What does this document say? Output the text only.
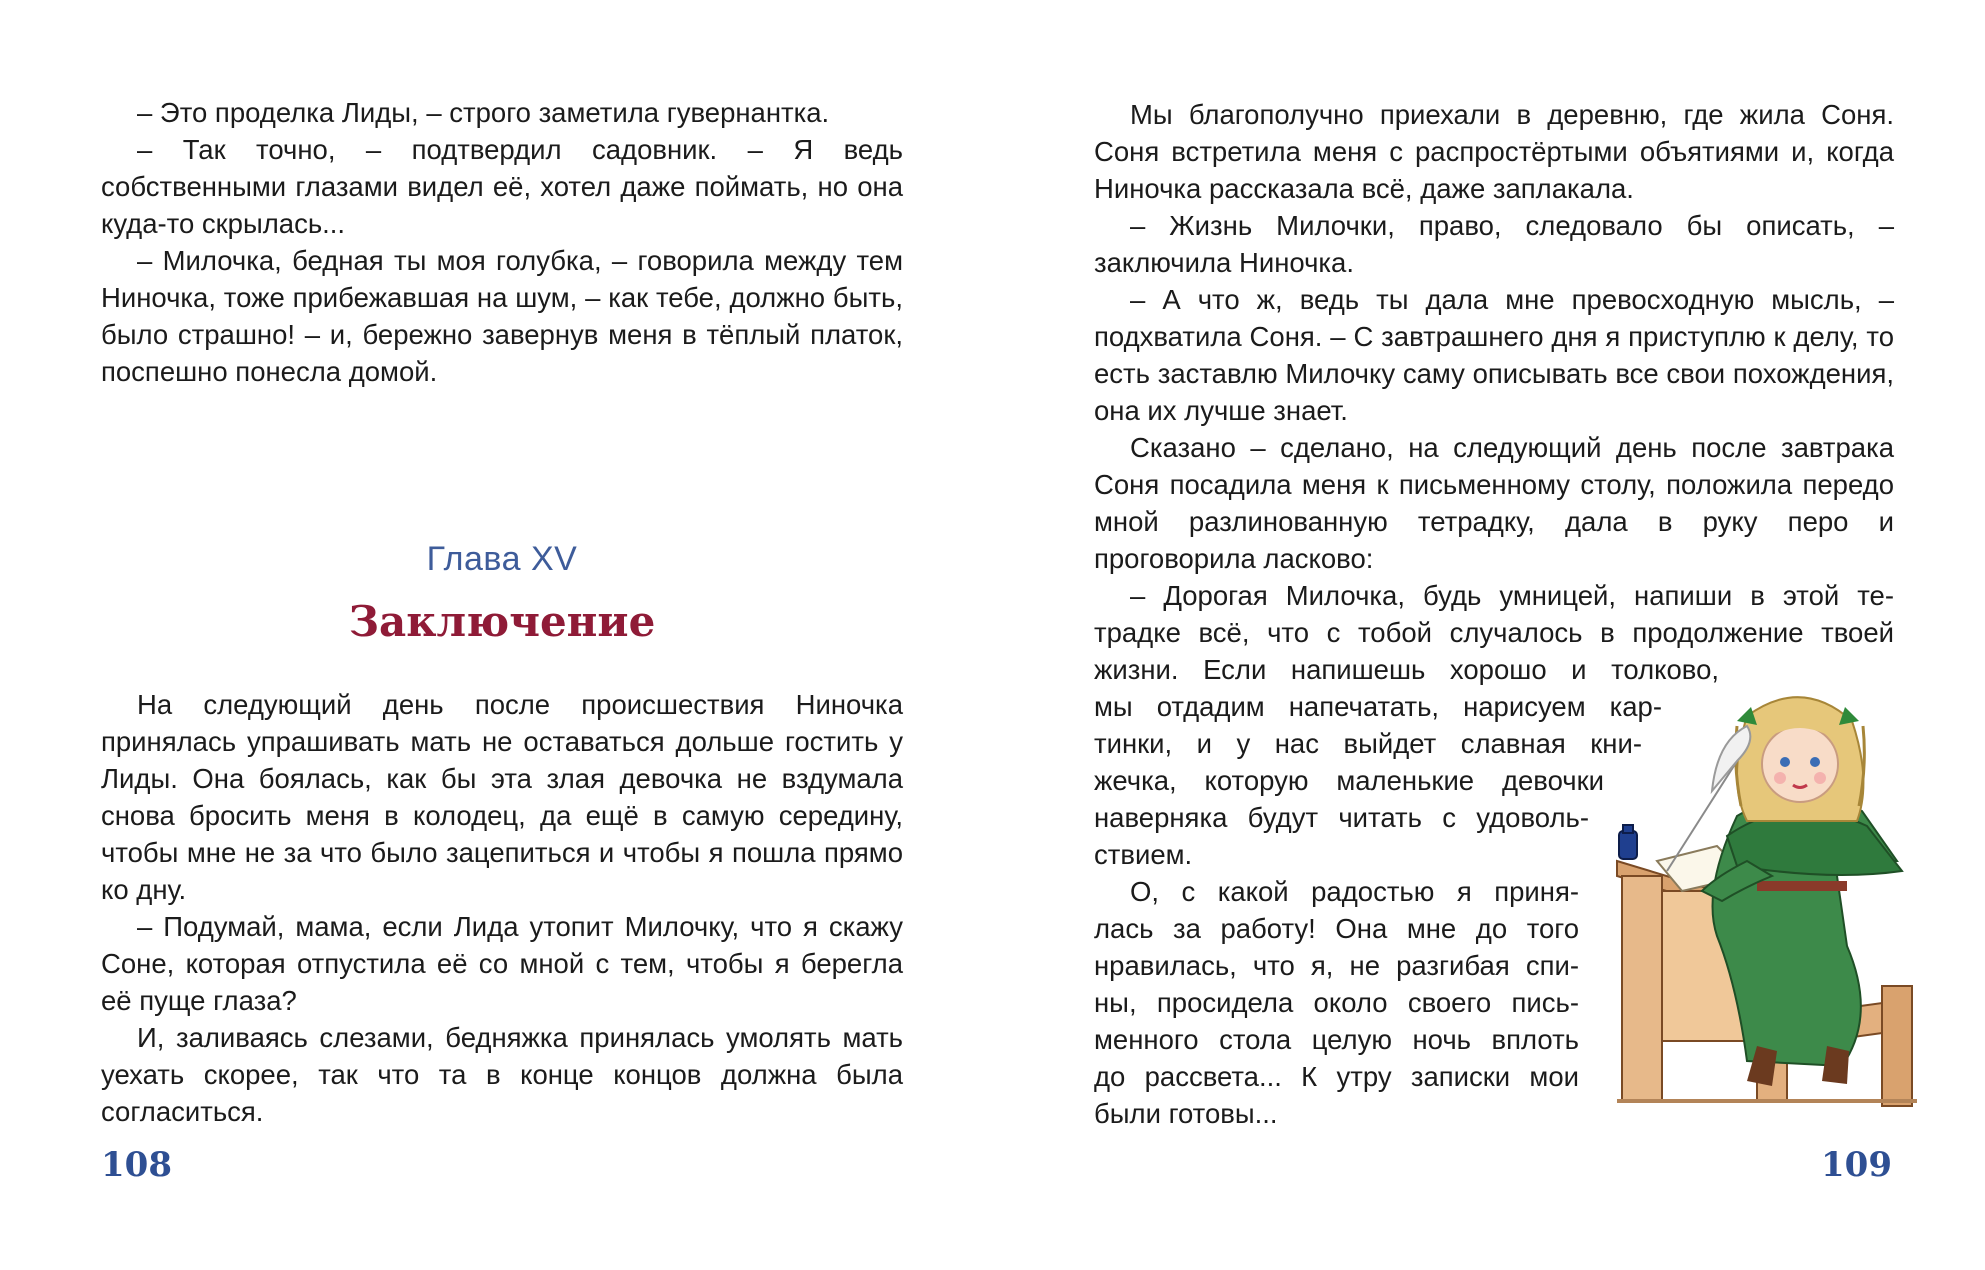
– Это проделка Лиды, – строго заметила гувернантка.

– Так точно, – подтвердил садовник. – Я ведь собственными глазами видел её, хотел даже поймать, но она куда-то скрылась...

– Милочка, бедная ты моя голубка, – говорила между тем Ниночка, тоже прибежавшая на шум, – как тебе, должно быть, было страшно! – и, бережно завернув меня в тёплый платок, поспешно понесла домой.

Глава XV
Заключение

На следующий день после происшествия Ниночка принялась упрашивать мать не оставаться дольше гостить у Лиды. Она боялась, как бы эта злая девочка не вздумала снова бросить меня в колодец, да ещё в самую середину, чтобы мне не за что было зацепиться и чтобы я пошла прямо ко дну.

– Подумай, мама, если Лида утопит Милочку, что я скажу Соне, которая отпустила её со мной с тем, чтобы я берегла её пуще глаза?

И, заливаясь слезами, бедняжка принялась умолять мать уехать скорее, так что та в конце концов должна была согласиться.

108

Мы благополучно приехали в деревню, где жила Соня. Соня встретила меня с распростёртыми объятиями и, когда Ниночка рассказала всё, даже заплакала.

– Жизнь Милочки, право, следовало бы описать, – заключила Ниночка.

– А что ж, ведь ты дала мне превосходную мысль, – подхватила Соня. – С завтрашнего дня я приступлю к делу, то есть заставлю Милочку саму описывать все свои похождения, она их лучше знает.

Сказано – сделано, на следующий день после завтрака Соня посадила меня к письменному столу, положила передо мной разлинованную тетрадку, дала в руку перо и проговорила ласково:

– Дорогая Милочка, будь умницей, напиши в этой те-
традке всё, что с тобой случалось в продолжение твоей
жизни. Если напишешь хорошо и толково,
мы отдадим напечатать, нарисуем кар-
тинки, и у нас выйдет славная кни-
жечка, которую маленькие девочки
наверняка будут читать с удоволь-
ствием.
О, с какой радостью я приня-
лась за работу! Она мне до того
нравилась, что я, не разгибая спи-
ны, просидела около своего пись-
менного стола целую ночь вплоть
до рассвета... К утру записки мои
были готовы...
109
